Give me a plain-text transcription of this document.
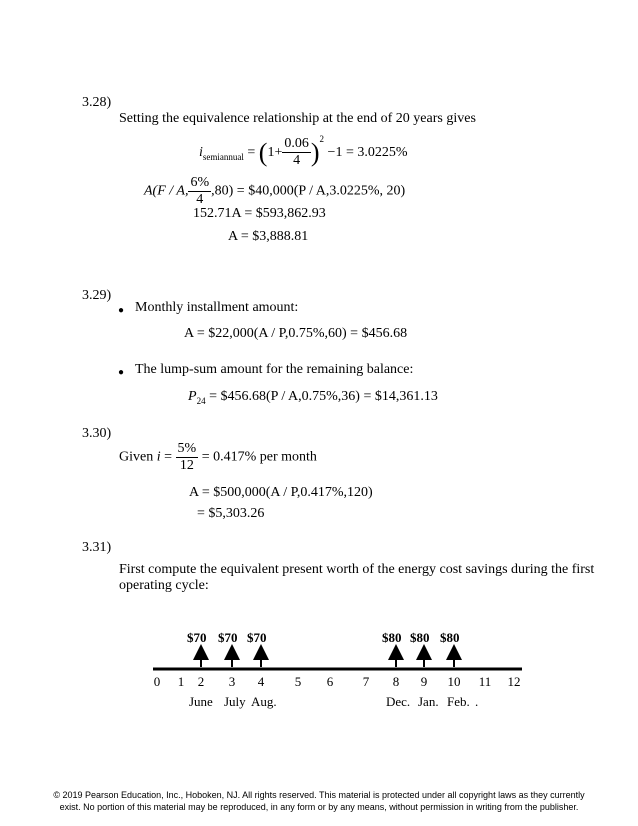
3.28)
Setting the equivalence relationship at the end of 20 years gives
$i_{semiannual} = (1+ \frac{0.06}{4} )^2 -1 = 3.0225\%$
A(F / A, $\frac{6\%}{4} ,80$) = $40,000(P / A,3.0225%, 20)
152.71A = $593,862.93
A = $3,888.81
3.29)
● Monthly installment amount:
A = $22,000(A / P,0.75%,60) = $456.68
● The lump-sum amount for the remaining balance:
$P_{24}$ = $456.68(P / A,0.75%,36) = $14,361.13
3.30)
Given $i = \frac{5\%}{12} = 0.417\%$ per month
A = $500,000(A / P,0.417%,120)
= $5,303.26
3.31)
First compute the equivalent present worth of the energy cost savings during the first
operating cycle:
$70 $70 $70	$80 $80 $80
0 1 2 3 4 5 6 7 8 9 10 11 12
June July Aug.	Dec. Jan. Feb. .
© 2019 Pearson Education, Inc., Hoboken, NJ. All rights reserved. This material is protected under all copyright laws as they currently
exist. No portion of this material may be reproduced, in any form or by any means, without permission in writing from the publisher.
